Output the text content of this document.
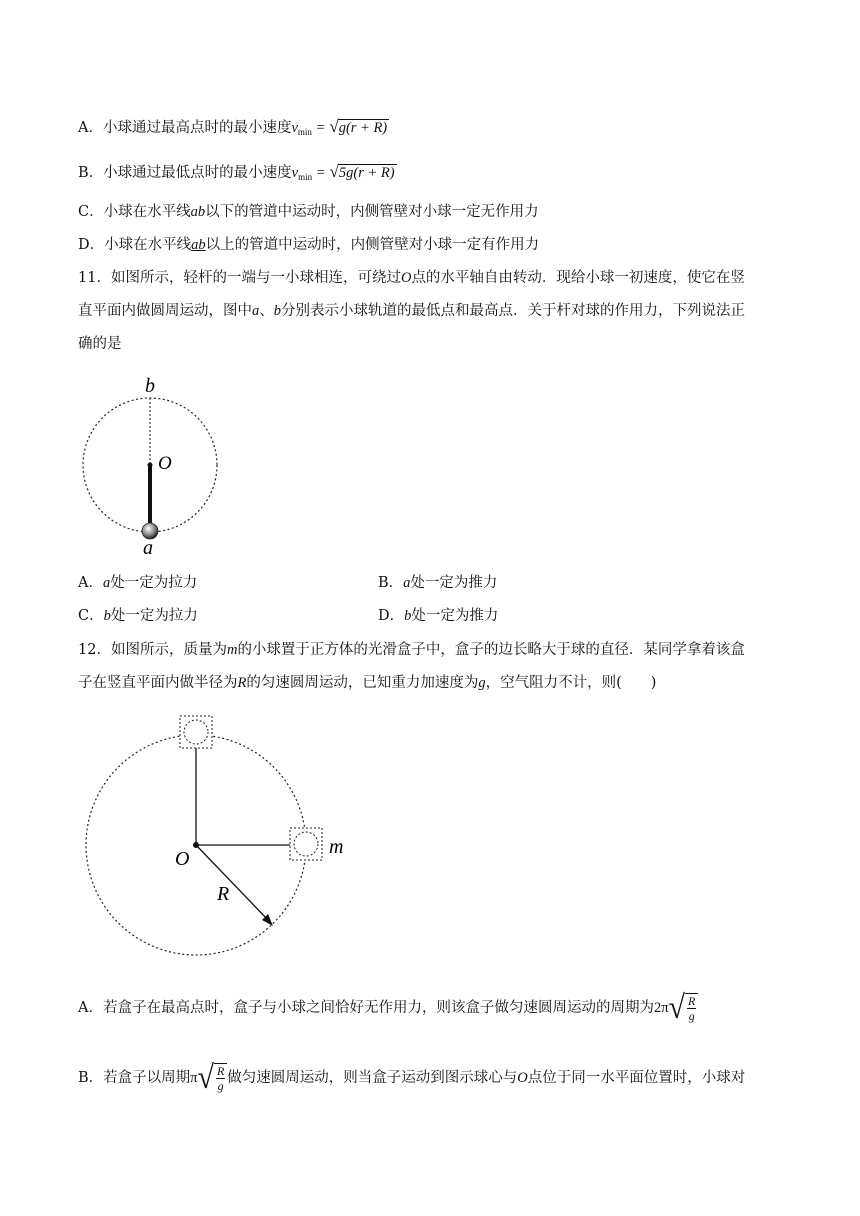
A．小球通过最高点时的最小速度$v_{min} = √g(r + R)$
B．小球通过最低点时的最小速度$v_{min} = √5g(r + R)$
C．小球在水平线ab以下的管道中运动时，内侧管壁对小球一定无作用力
D．小球在水平线ab以上的管道中运动时，内侧管壁对小球一定有作用力
11．如图所示，轻杆的一端与一小球相连，可绕过O点的水平轴自由转动．现给小球一初速度，使它在竖
直平面内做圆周运动，图中a、b分别表示小球轨道的最低点和最高点．关于杆对球的作用力，下列说法正
确的是
b
O
a
A．a处一定为拉力	B．a处一定为推力
C．b处一定为拉力	D．b处一定为推力
12．如图所示，质量为m的小球置于正方体的光滑盒子中，盒子的边长略大于球的直径．某同学拿着该盒
子在竖直平面内做半径为R的匀速圆周运动，已知重力加速度为g，空气阻力不计，则(　　)
O
R
m
A．若盒子在最高点时，盒子与小球之间恰好无作用力，则该盒子做匀速圆周运动的周期为2π √ $\frac{R}{g}$
B．若盒子以周期π √ $\frac{R}{g}$ 做匀速圆周运动，则当盒子运动到图示球心与O点位于同一水平面位置时，小球对
